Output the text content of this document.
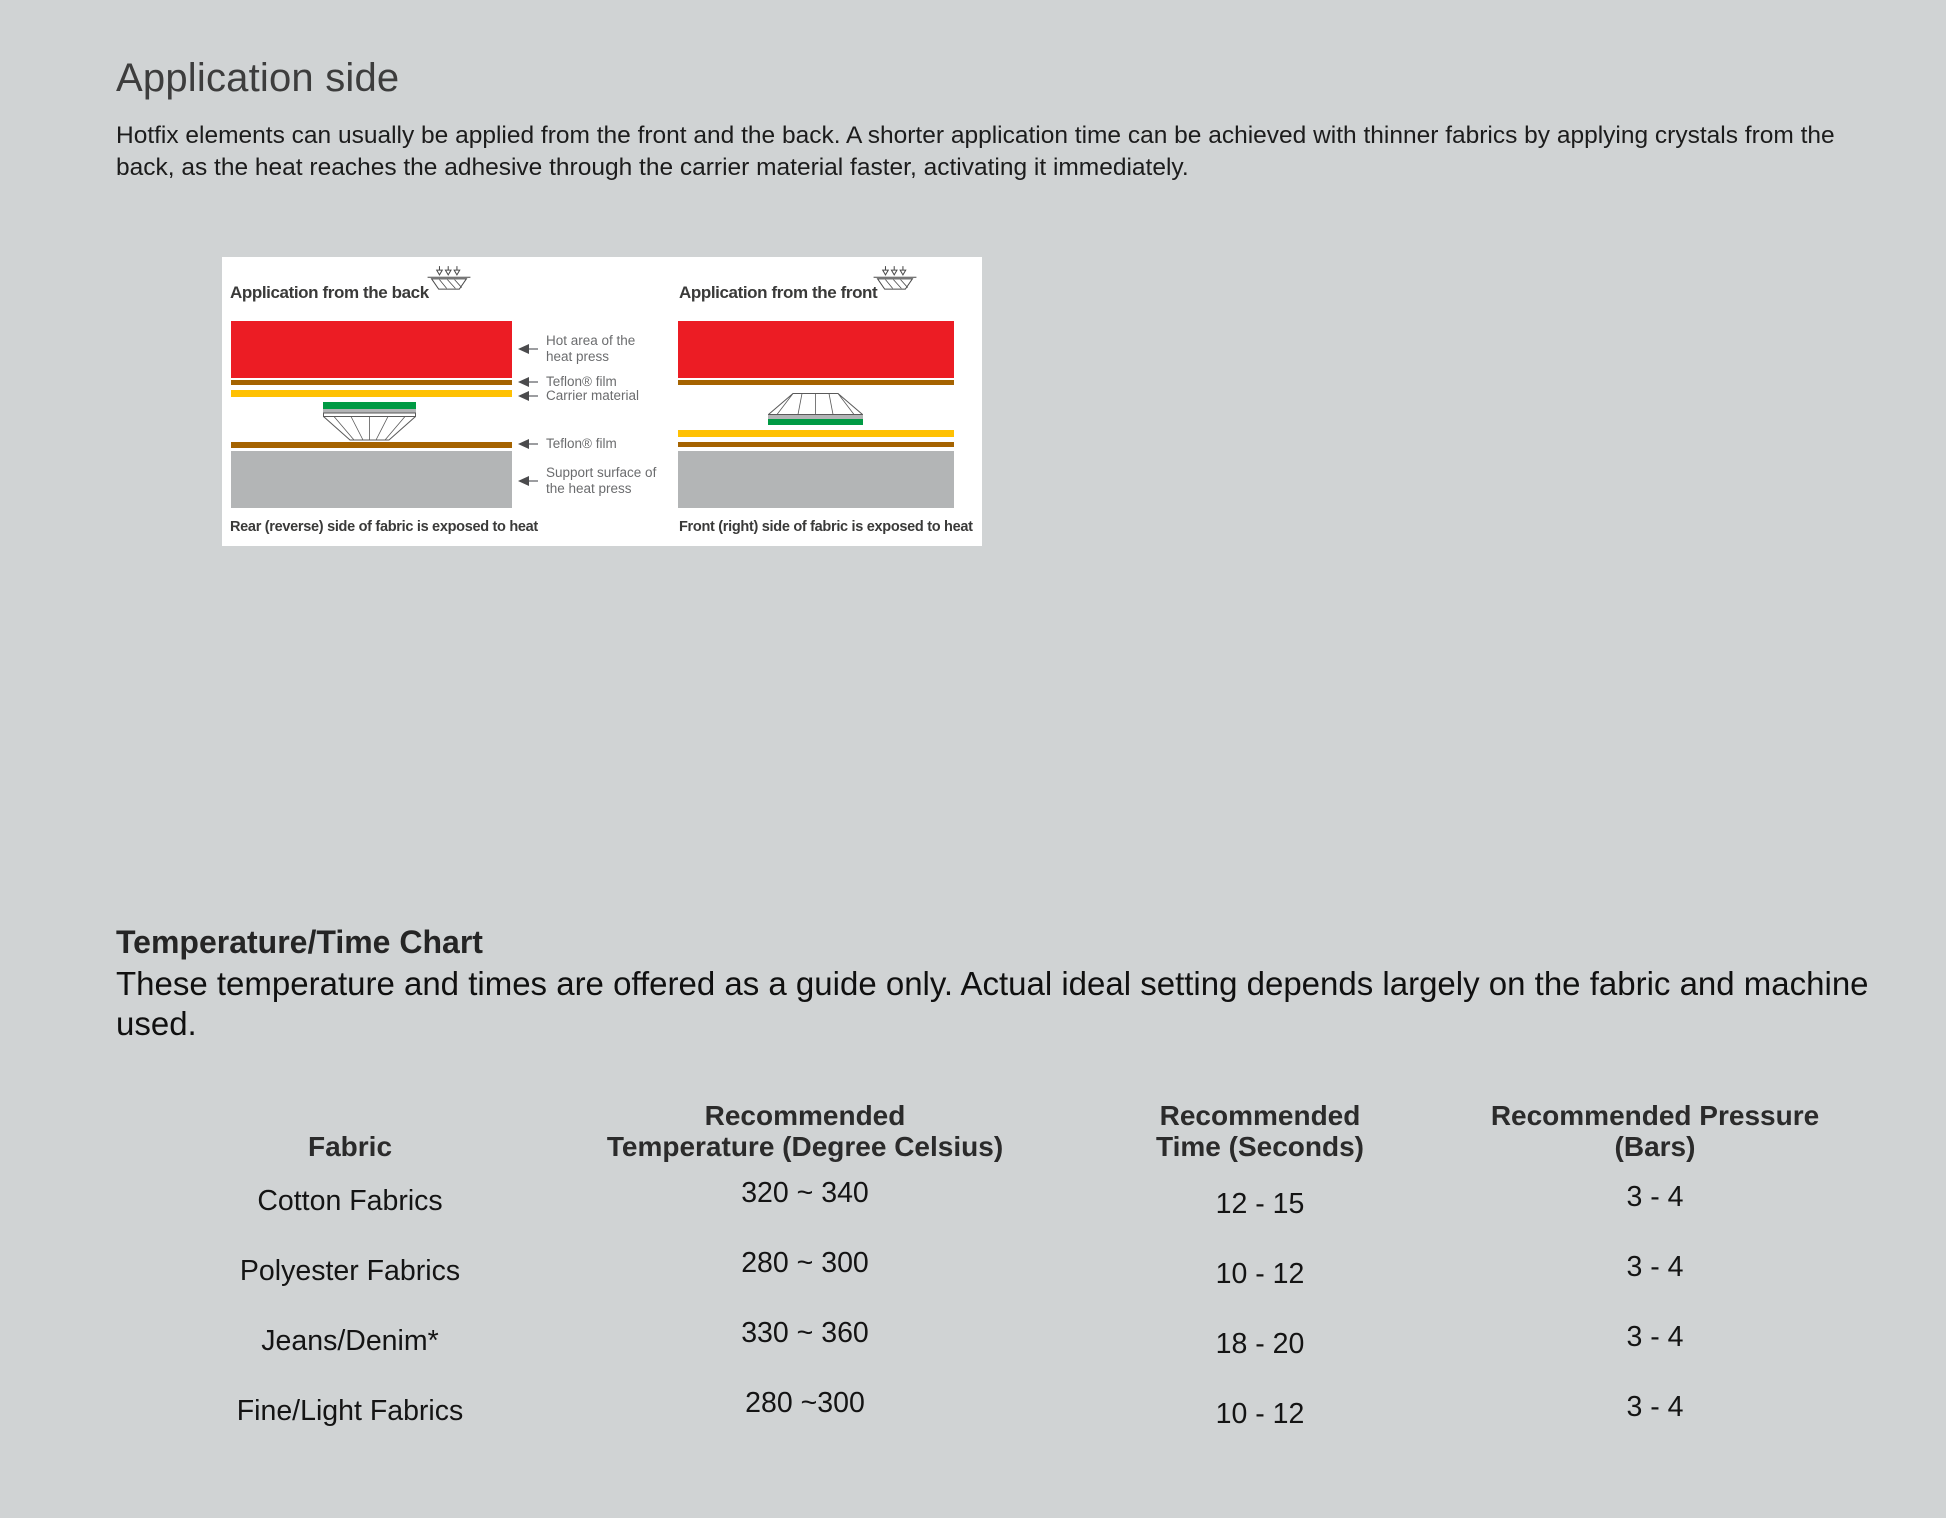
Application side
Hotfix elements can usually be applied from the front and the back. A shorter application time can be achieved with thinner fabrics by applying crystals from the back, as the heat reaches the adhesive through the carrier material faster, activating it immediately.
Application from the back
Rear (reverse) side of fabric is exposed to heat
Hot area of the
heat press
Teflon® film
Carrier material
Teflon® film
Support surface of
the heat press
Application from the front
Front (right) side of fabric is exposed to heat
Temperature/Time Chart
These temperature and times are offered as a guide only. Actual ideal setting depends largely on the fabric and machine used.
Fabric
Recommended
Temperature (Degree Celsius)
Recommended
Time (Seconds)
Recommended Pressure
(Bars)
Cotton Fabrics	320 ~ 340	12 - 15	3 - 4
Polyester Fabrics	280 ~ 300	10 - 12	3 - 4
Jeans/Denim*	330 ~ 360	18 - 20	3 - 4
Fine/Light Fabrics	280 ~300	10 - 12	3 - 4
